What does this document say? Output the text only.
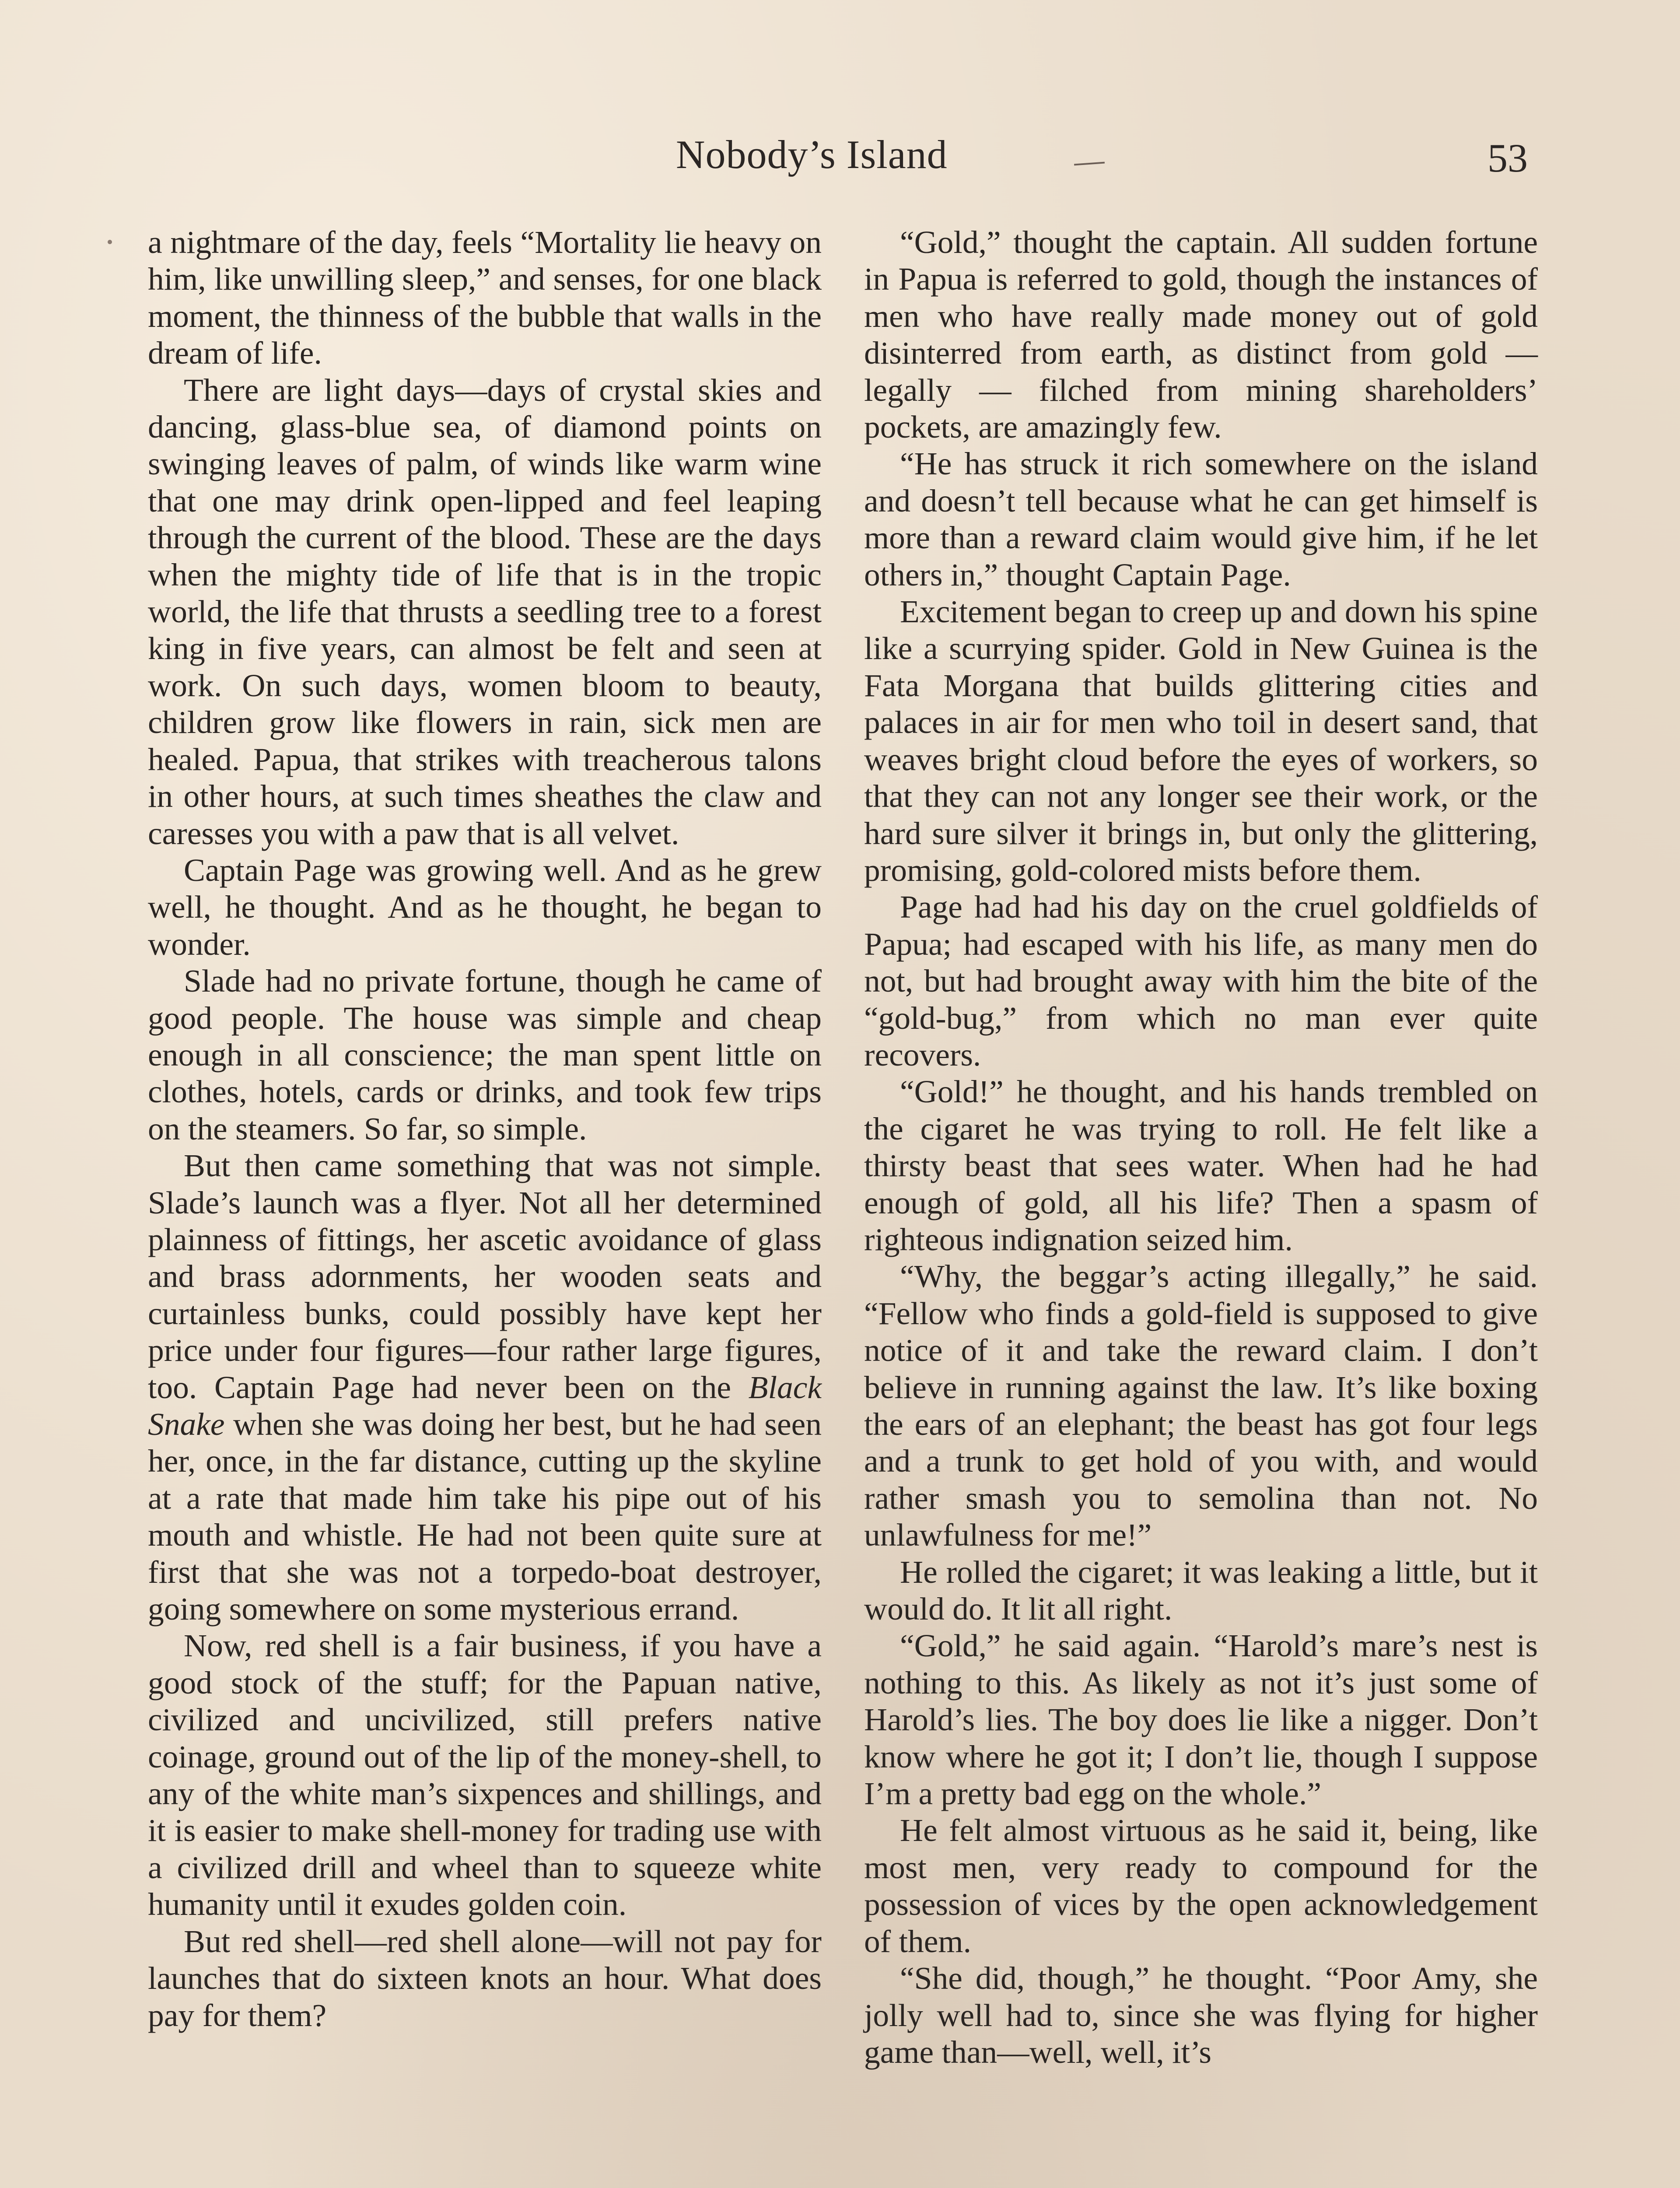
Nobody’s Island	53

a nightmare of the day, feels “Mortality lie heavy on him, like unwilling sleep,” and senses, for one black moment, the thinness of the bubble that walls in the dream of life.

There are light days—days of crystal skies and dancing, glass-blue sea, of diamond points on swinging leaves of palm, of winds like warm wine that one may drink open-lipped and feel leaping through the current of the blood. These are the days when the mighty tide of life that is in the tropic world, the life that thrusts a seedling tree to a forest king in five years, can almost be felt and seen at work. On such days, women bloom to beauty, children grow like flowers in rain, sick men are healed. Papua, that strikes with treacherous talons in other hours, at such times sheathes the claw and caresses you with a paw that is all velvet.

Captain Page was growing well. And as he grew well, he thought. And as he thought, he began to wonder.

Slade had no private fortune, though he came of good people. The house was simple and cheap enough in all conscience; the man spent little on clothes, hotels, cards or drinks, and took few trips on the steamers. So far, so simple.

But then came something that was not simple. Slade’s launch was a flyer. Not all her determined plainness of fittings, her ascetic avoidance of glass and brass adornments, her wooden seats and curtainless bunks, could possibly have kept her price under four figures—four rather large figures, too. Captain Page had never been on the Black Snake when she was doing her best, but he had seen her, once, in the far distance, cutting up the skyline at a rate that made him take his pipe out of his mouth and whistle. He had not been quite sure at first that she was not a torpedo-boat destroyer, going somewhere on some mysterious errand.

Now, red shell is a fair business, if you have a good stock of the stuff; for the Papuan native, civilized and uncivilized, still prefers native coinage, ground out of the lip of the money-shell, to any of the white man’s sixpences and shillings, and it is easier to make shell-money for trading use with a civilized drill and wheel than to squeeze white humanity until it exudes golden coin.

But red shell—red shell alone—will not pay for launches that do sixteen knots an hour. What does pay for them?

“Gold,” thought the captain. All sudden fortune in Papua is referred to gold, though the instances of men who have really made money out of gold disinterred from earth, as distinct from gold — legally — filched from mining shareholders’ pockets, are amazingly few.

“He has struck it rich somewhere on the island and doesn’t tell because what he can get himself is more than a reward claim would give him, if he let others in,” thought Captain Page.

Excitement began to creep up and down his spine like a scurrying spider. Gold in New Guinea is the Fata Morgana that builds glittering cities and palaces in air for men who toil in desert sand, that weaves bright cloud before the eyes of workers, so that they can not any longer see their work, or the hard sure silver it brings in, but only the glittering, promising, gold-colored mists before them.

Page had had his day on the cruel goldfields of Papua; had escaped with his life, as many men do not, but had brought away with him the bite of the “gold-bug,” from which no man ever quite recovers.

“Gold!” he thought, and his hands trembled on the cigaret he was trying to roll. He felt like a thirsty beast that sees water. When had he had enough of gold, all his life? Then a spasm of righteous indignation seized him.

“Why, the beggar’s acting illegally,” he said. “Fellow who finds a gold-field is supposed to give notice of it and take the reward claim. I don’t believe in running against the law. It’s like boxing the ears of an elephant; the beast has got four legs and a trunk to get hold of you with, and would rather smash you to semolina than not. No unlawfulness for me!”

He rolled the cigaret; it was leaking a little, but it would do. It lit all right.

“Gold,” he said again. “Harold’s mare’s nest is nothing to this. As likely as not it’s just some of Harold’s lies. The boy does lie like a nigger. Don’t know where he got it; I don’t lie, though I suppose I’m a pretty bad egg on the whole.”

He felt almost virtuous as he said it, being, like most men, very ready to compound for the possession of vices by the open acknowledgement of them.

“She did, though,” he thought. “Poor Amy, she jolly well had to, since she was flying for higher game than—well, well, it’s
